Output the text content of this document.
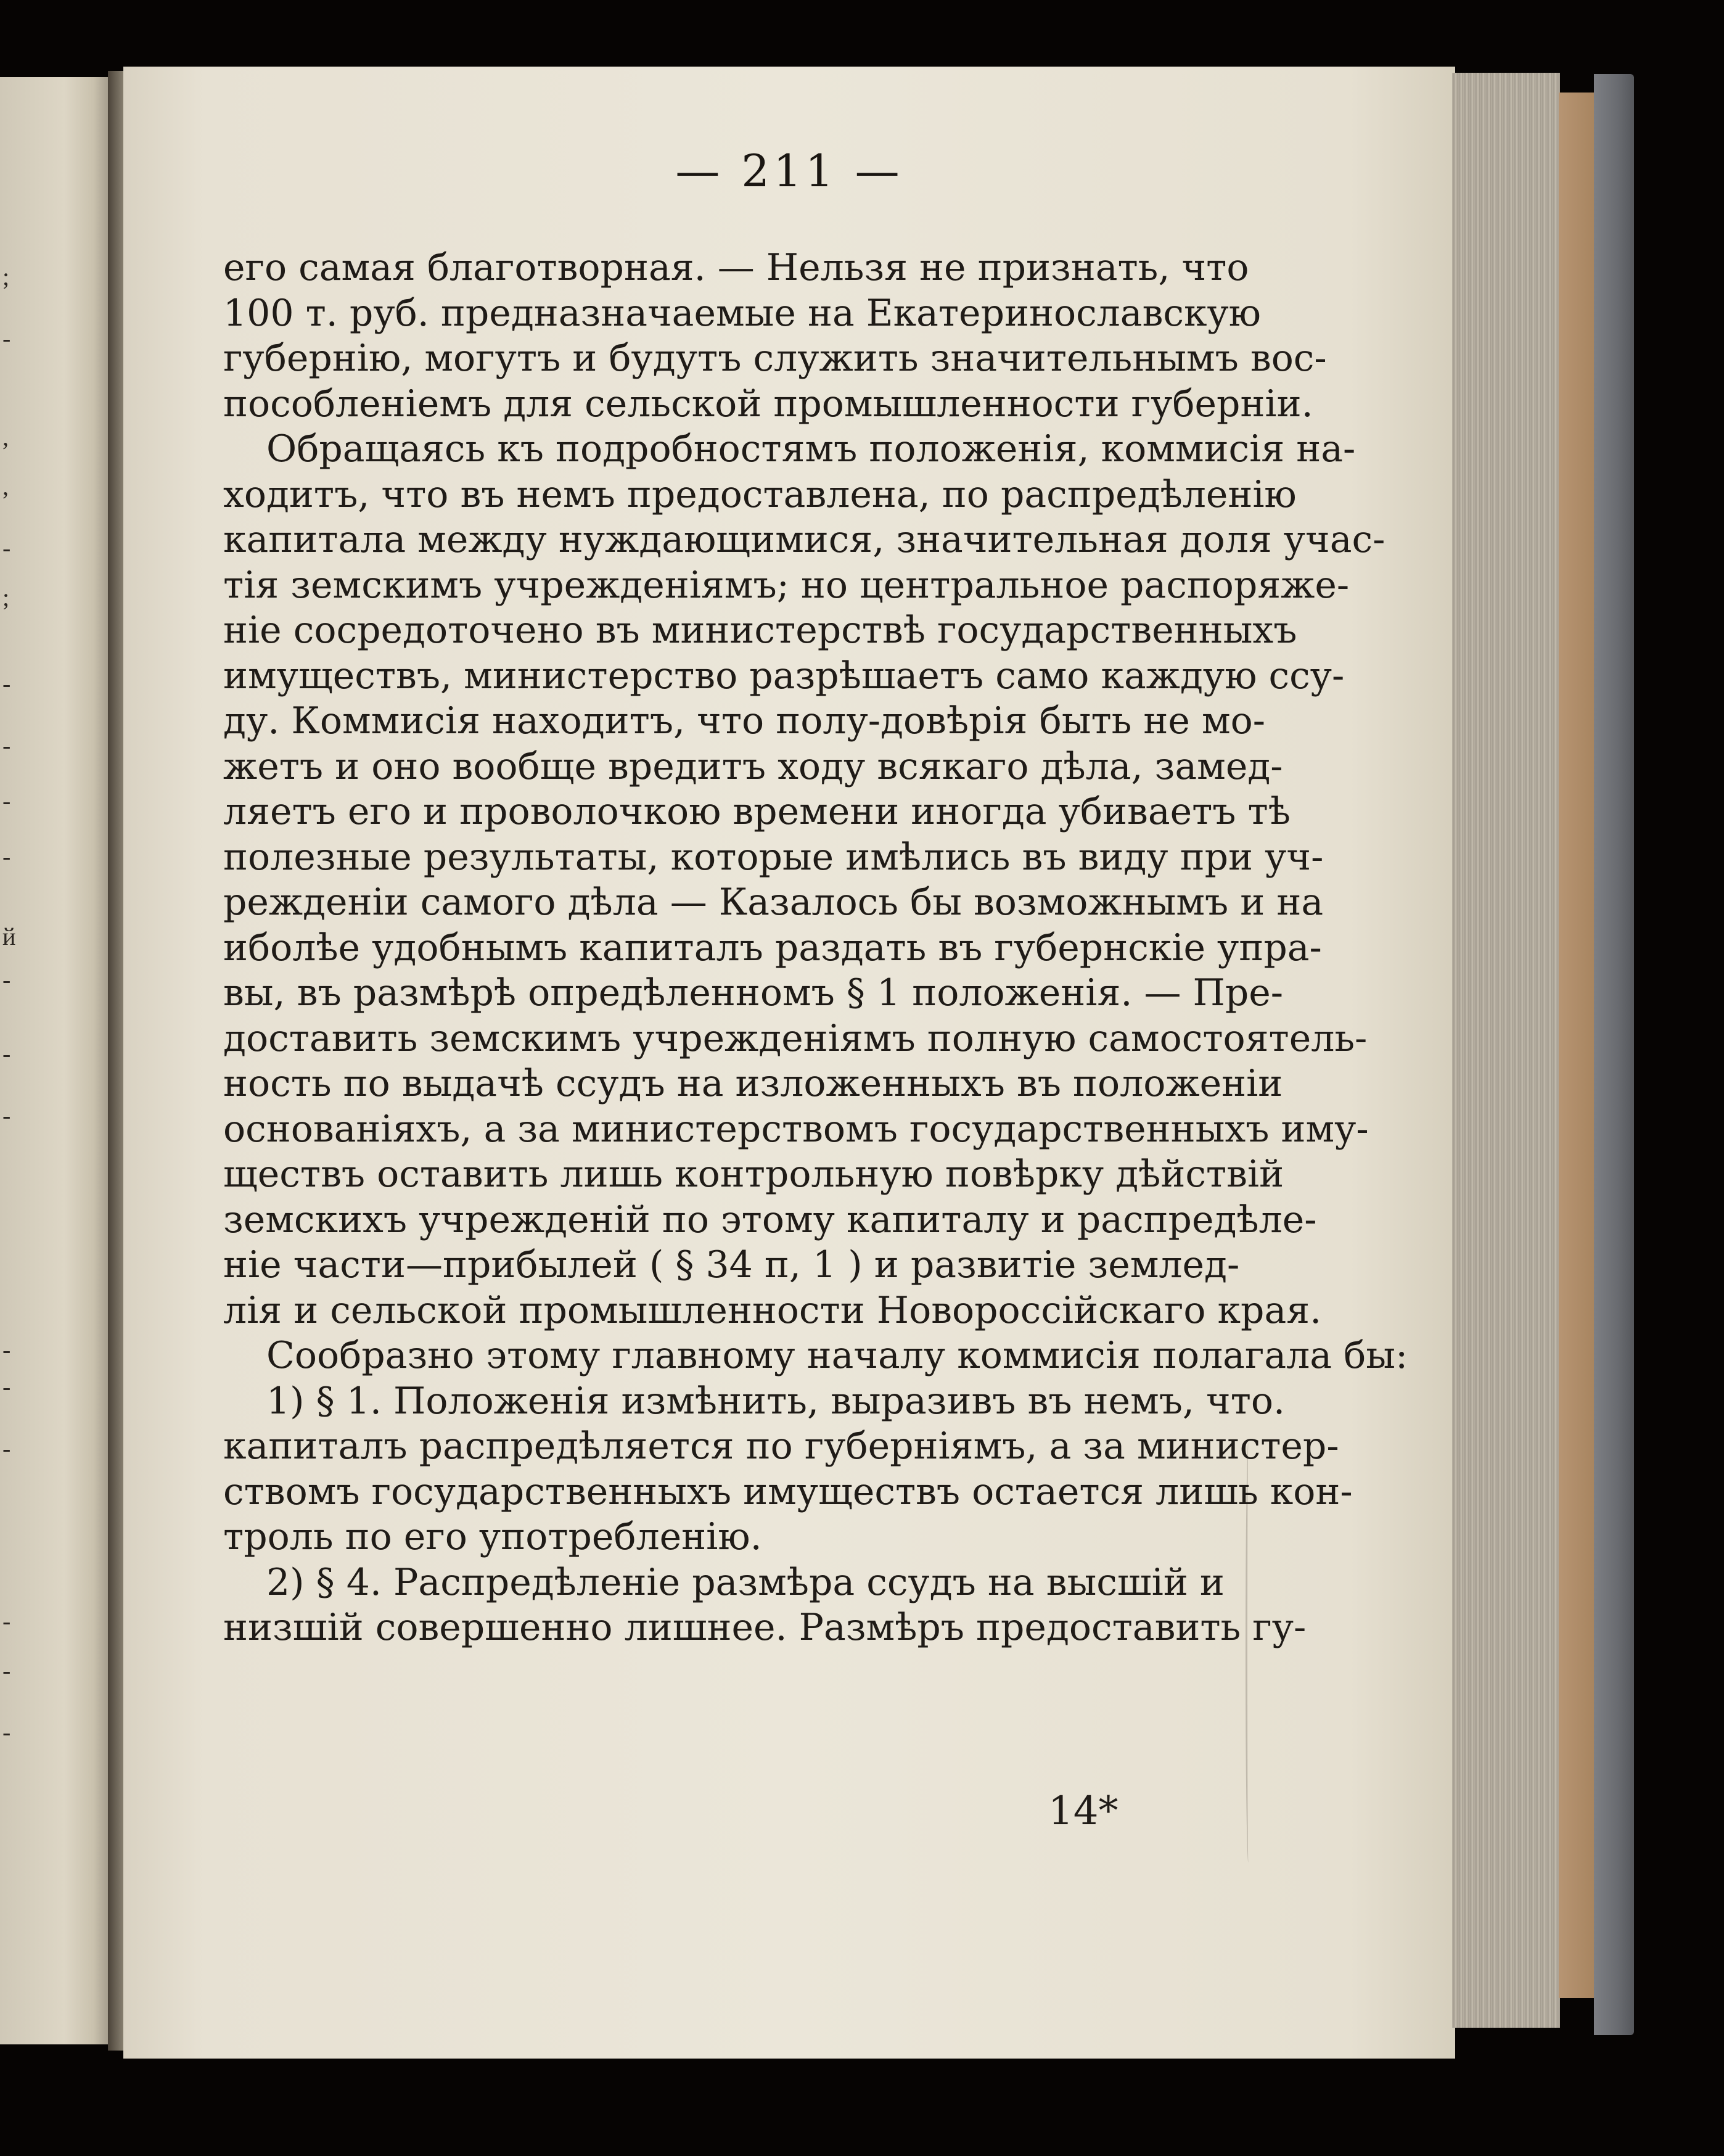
;
-
,
,
-
;
-
-
-
-
й
-
-
-
-
-
-
-
-
-
— 211 —
его самая благотворная. — Нельзя не признать, что
100 т. руб. предназначаемые на Екатеринославскую
губернію, могутъ и будутъ служить значительнымъ вос-
пособленіемъ для сельской промышленности губерніи.
Обращаясь къ подробностямъ положенія, коммисія на-
ходитъ, что въ немъ предоставлена, по распредѣленію
капитала между нуждающимися, значительная доля учас-
тія земскимъ учрежденіямъ; но центральное распоряже-
ніе сосредоточено въ министерствѣ государственныхъ
имуществъ, министерство разрѣшаетъ само каждую ссу-
ду. Коммисія находитъ, что полу-довѣрія быть не мо-
жетъ и оно вообще вредитъ ходу всякаго дѣла, замед-
ляетъ его и проволочкою времени иногда убиваетъ тѣ
полезные результаты, которые имѣлись въ виду при уч-
режденіи самого дѣла — Казалось бы возможнымъ и на
иболѣе удобнымъ капиталъ раздать въ губернскіе упра-
вы, въ размѣрѣ опредѣленномъ § 1 положенія. — Пре-
доставить земскимъ учрежденіямъ полную самостоятель-
ность по выдачѣ ссудъ на изложенныхъ въ положеніи
основаніяхъ, а за министерствомъ государственныхъ иму-
ществъ оставить лишь контрольную повѣрку дѣйствій
земскихъ учрежденій по этому капиталу и распредѣле-
ніе части—прибылей ( § 34 п, 1 ) и развитіе землед-
лія и сельской промышленности Новороссійскаго края.
Сообразно этому главному началу коммисія полагала бы:
1) § 1. Положенія измѣнить, выразивъ въ немъ, что.
капиталъ распредѣляется по губерніямъ, а за министер-
ствомъ государственныхъ имуществъ остается лишь кон-
троль по его употребленію.
2) § 4. Распредѣленіе размѣра ссудъ на высшій и
низшій совершенно лишнее. Размѣръ предоставить гу-
14*
